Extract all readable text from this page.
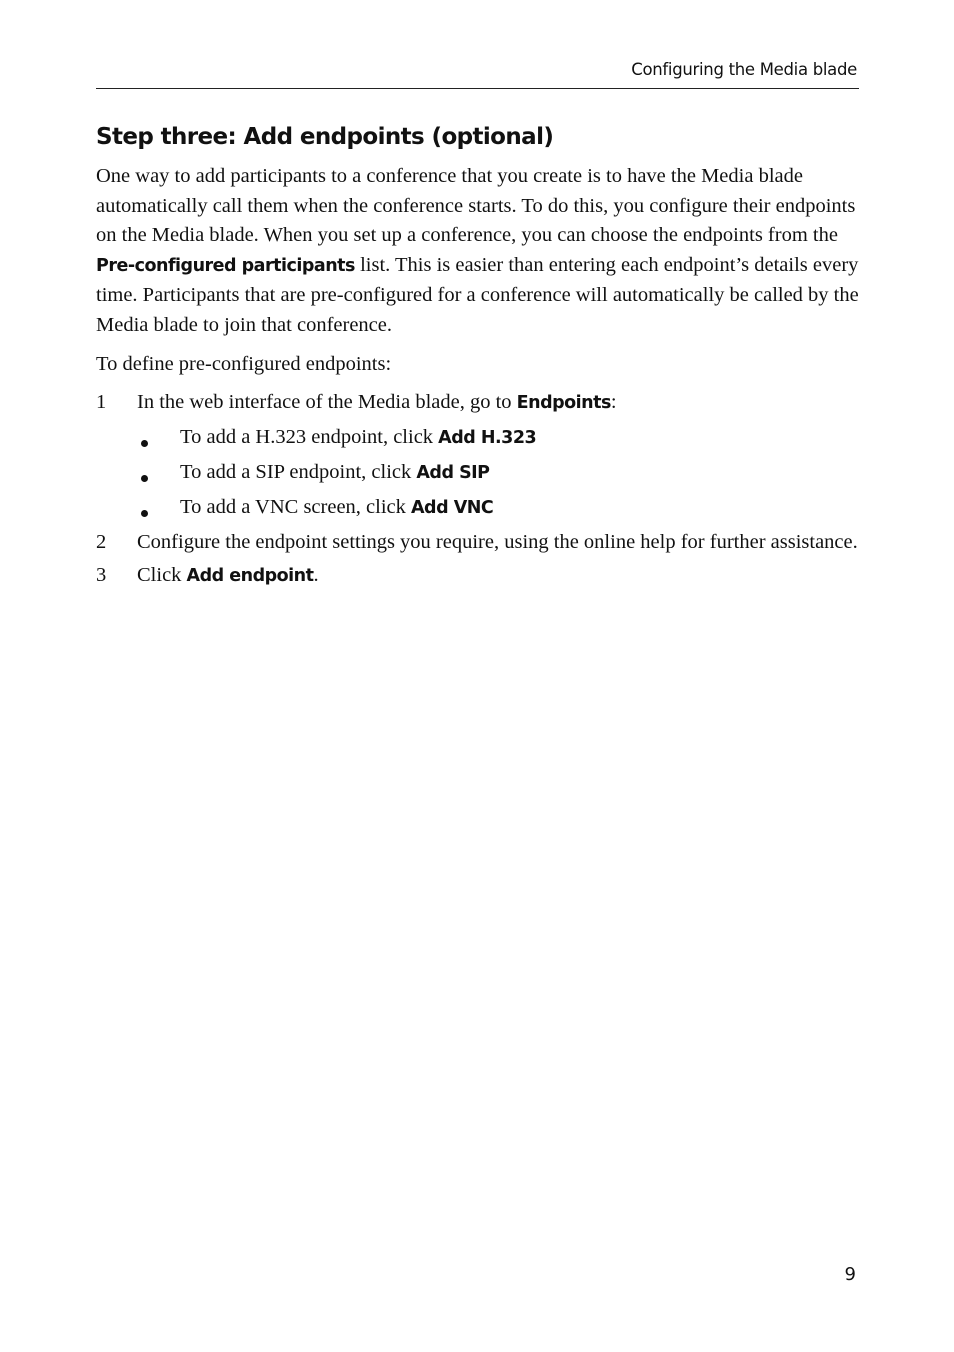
Configuring the Media blade
Step three: Add endpoints (optional)

One way to add participants to a conference that you create is to have the Media blade automatically call them when the conference starts. To do this, you configure their endpoints on the Media blade. When you set up a conference, you can choose the endpoints from the Pre-configured participants list. This is easier than entering each endpoint’s details every time. Participants that are pre-configured for a conference will automatically be called by the Media blade to join that conference.

To define pre-configured endpoints:

1	In the web interface of the Media blade, go to Endpoints:
To add a H.323 endpoint, click Add H.323
To add a SIP endpoint, click Add SIP
To add a VNC screen, click Add VNC
2	Configure the endpoint settings you require, using the online help for further assistance.
3	Click Add endpoint.
9
